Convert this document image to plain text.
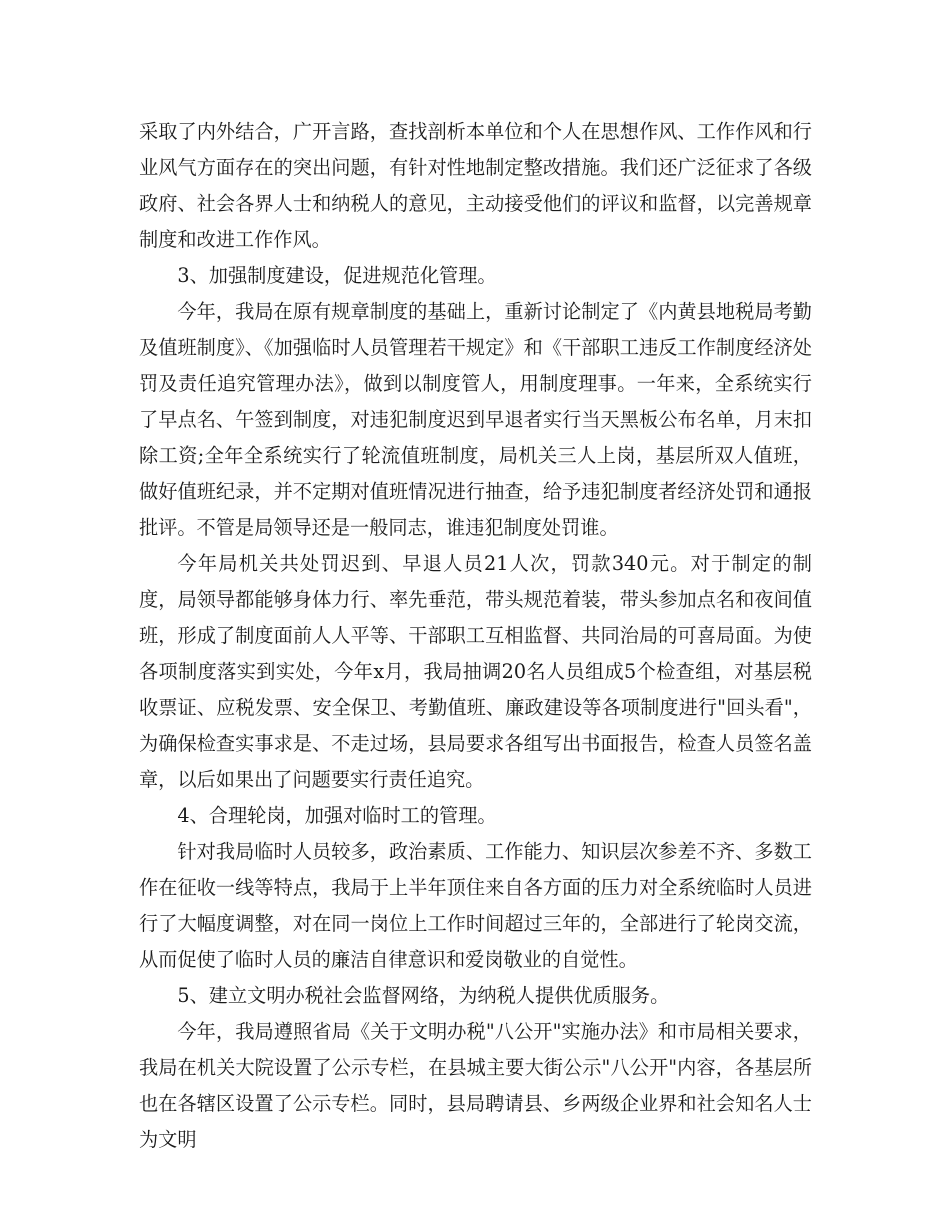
采取了内外结合，广开言路，查找剖析本单位和个人在思想作风、工作作风和行业风气方面存在的突出问题，有针对性地制定整改措施。我们还广泛征求了各级政府、社会各界人士和纳税人的意见，主动接受他们的评议和监督，以完善规章制度和改进工作作风。

3、加强制度建设，促进规范化管理。

今年，我局在原有规章制度的基础上，重新讨论制定了《内黄县地税局考勤及值班制度》、《加强临时人员管理若干规定》和《干部职工违反工作制度经济处罚及责任追究管理办法》，做到以制度管人，用制度理事。一年来，全系统实行了早点名、午签到制度，对违犯制度迟到早退者实行当天黑板公布名单，月末扣除工资;全年全系统实行了轮流值班制度，局机关三人上岗，基层所双人值班，做好值班纪录，并不定期对值班情况进行抽查，给予违犯制度者经济处罚和通报批评。不管是局领导还是一般同志，谁违犯制度处罚谁。

今年局机关共处罚迟到、早退人员21人次，罚款340元。对于制定的制度，局领导都能够身体力行、率先垂范，带头规范着装，带头参加点名和夜间值班，形成了制度面前人人平等、干部职工互相监督、共同治局的可喜局面。为使各项制度落实到实处，今年x月，我局抽调20名人员组成5个检查组，对基层税收票证、应税发票、安全保卫、考勤值班、廉政建设等各项制度进行"回头看"，为确保检查实事求是、不走过场，县局要求各组写出书面报告，检查人员签名盖章，以后如果出了问题要实行责任追究。

4、合理轮岗，加强对临时工的管理。

针对我局临时人员较多，政治素质、工作能力、知识层次参差不齐、多数工作在征收一线等特点，我局于上半年顶住来自各方面的压力对全系统临时人员进行了大幅度调整，对在同一岗位上工作时间超过三年的，全部进行了轮岗交流，从而促使了临时人员的廉洁自律意识和爱岗敬业的自觉性。

5、建立文明办税社会监督网络，为纳税人提供优质服务。

今年，我局遵照省局《关于文明办税"八公开"实施办法》和市局相关要求，我局在机关大院设置了公示专栏，在县城主要大街公示"八公开"内容，各基层所也在各辖区设置了公示专栏。同时，县局聘请县、乡两级企业界和社会知名人士为文明
